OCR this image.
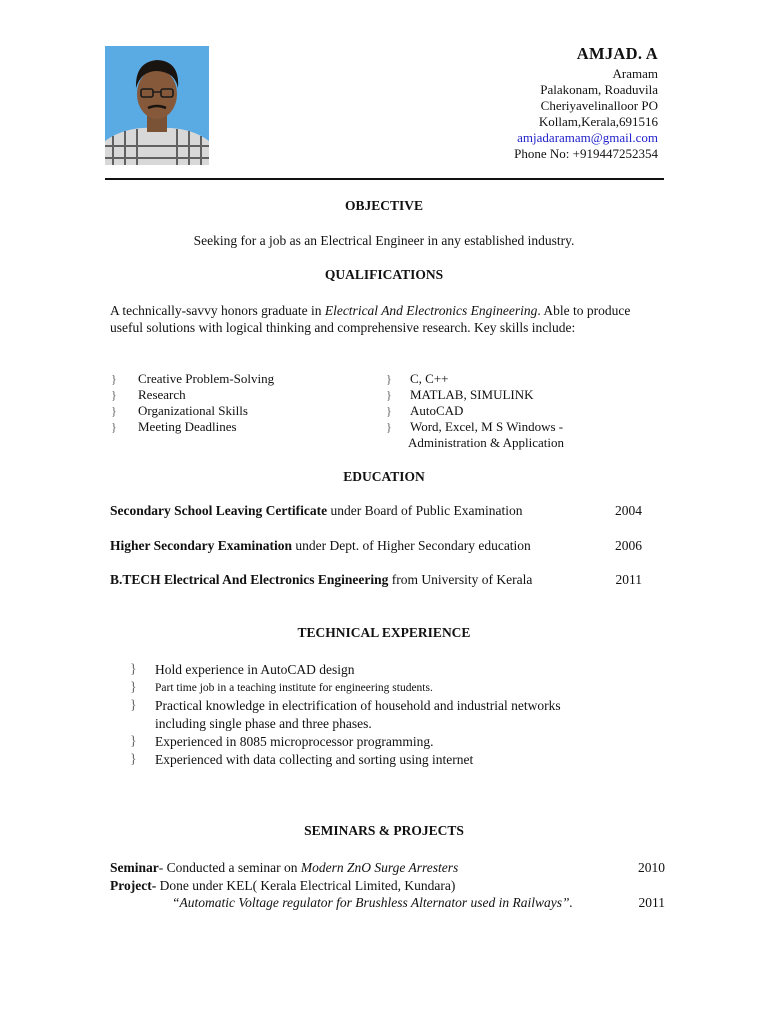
AMJAD. A
Aramam
Palakonam, Roaduvila
Cheriyavelinalloor PO
Kollam,Kerala,691516
amjadaramam@gmail.com
Phone No: +919447252354
OBJECTIVE
Seeking for a job as an Electrical Engineer in any established industry.
QUALIFICATIONS
A technically-savvy honors graduate in Electrical And Electronics Engineering. Able to produce useful solutions with logical thinking and comprehensive research. Key skills include:
}	Creative Problem-Solving
}	Research
}	Organizational Skills
}	Meeting Deadlines
}	C, C++
}	MATLAB, SIMULINK
}	AutoCAD
}	Word, Excel, M S Windows -
Administration & Application
EDUCATION
Secondary School Leaving Certificate under Board of Public Examination	2004
Higher Secondary Examination under Dept. of Higher Secondary education	2006
B.TECH Electrical And Electronics Engineering from University of Kerala	2011
TECHNICAL EXPERIENCE
}	Hold experience in AutoCAD design
}	Part time job in a teaching institute for engineering students.
}	Practical knowledge in electrification of household and industrial networks
including single phase and three phases.
}	Experienced in 8085 microprocessor programming.
}	Experienced with data collecting and sorting using internet
SEMINARS & PROJECTS
Seminar- Conducted a seminar on Modern ZnO Surge Arresters	2010
Project- Done under KEL( Kerala Electrical Limited, Kundara)
“Automatic Voltage regulator for Brushless Alternator used in Railways”.	2011
